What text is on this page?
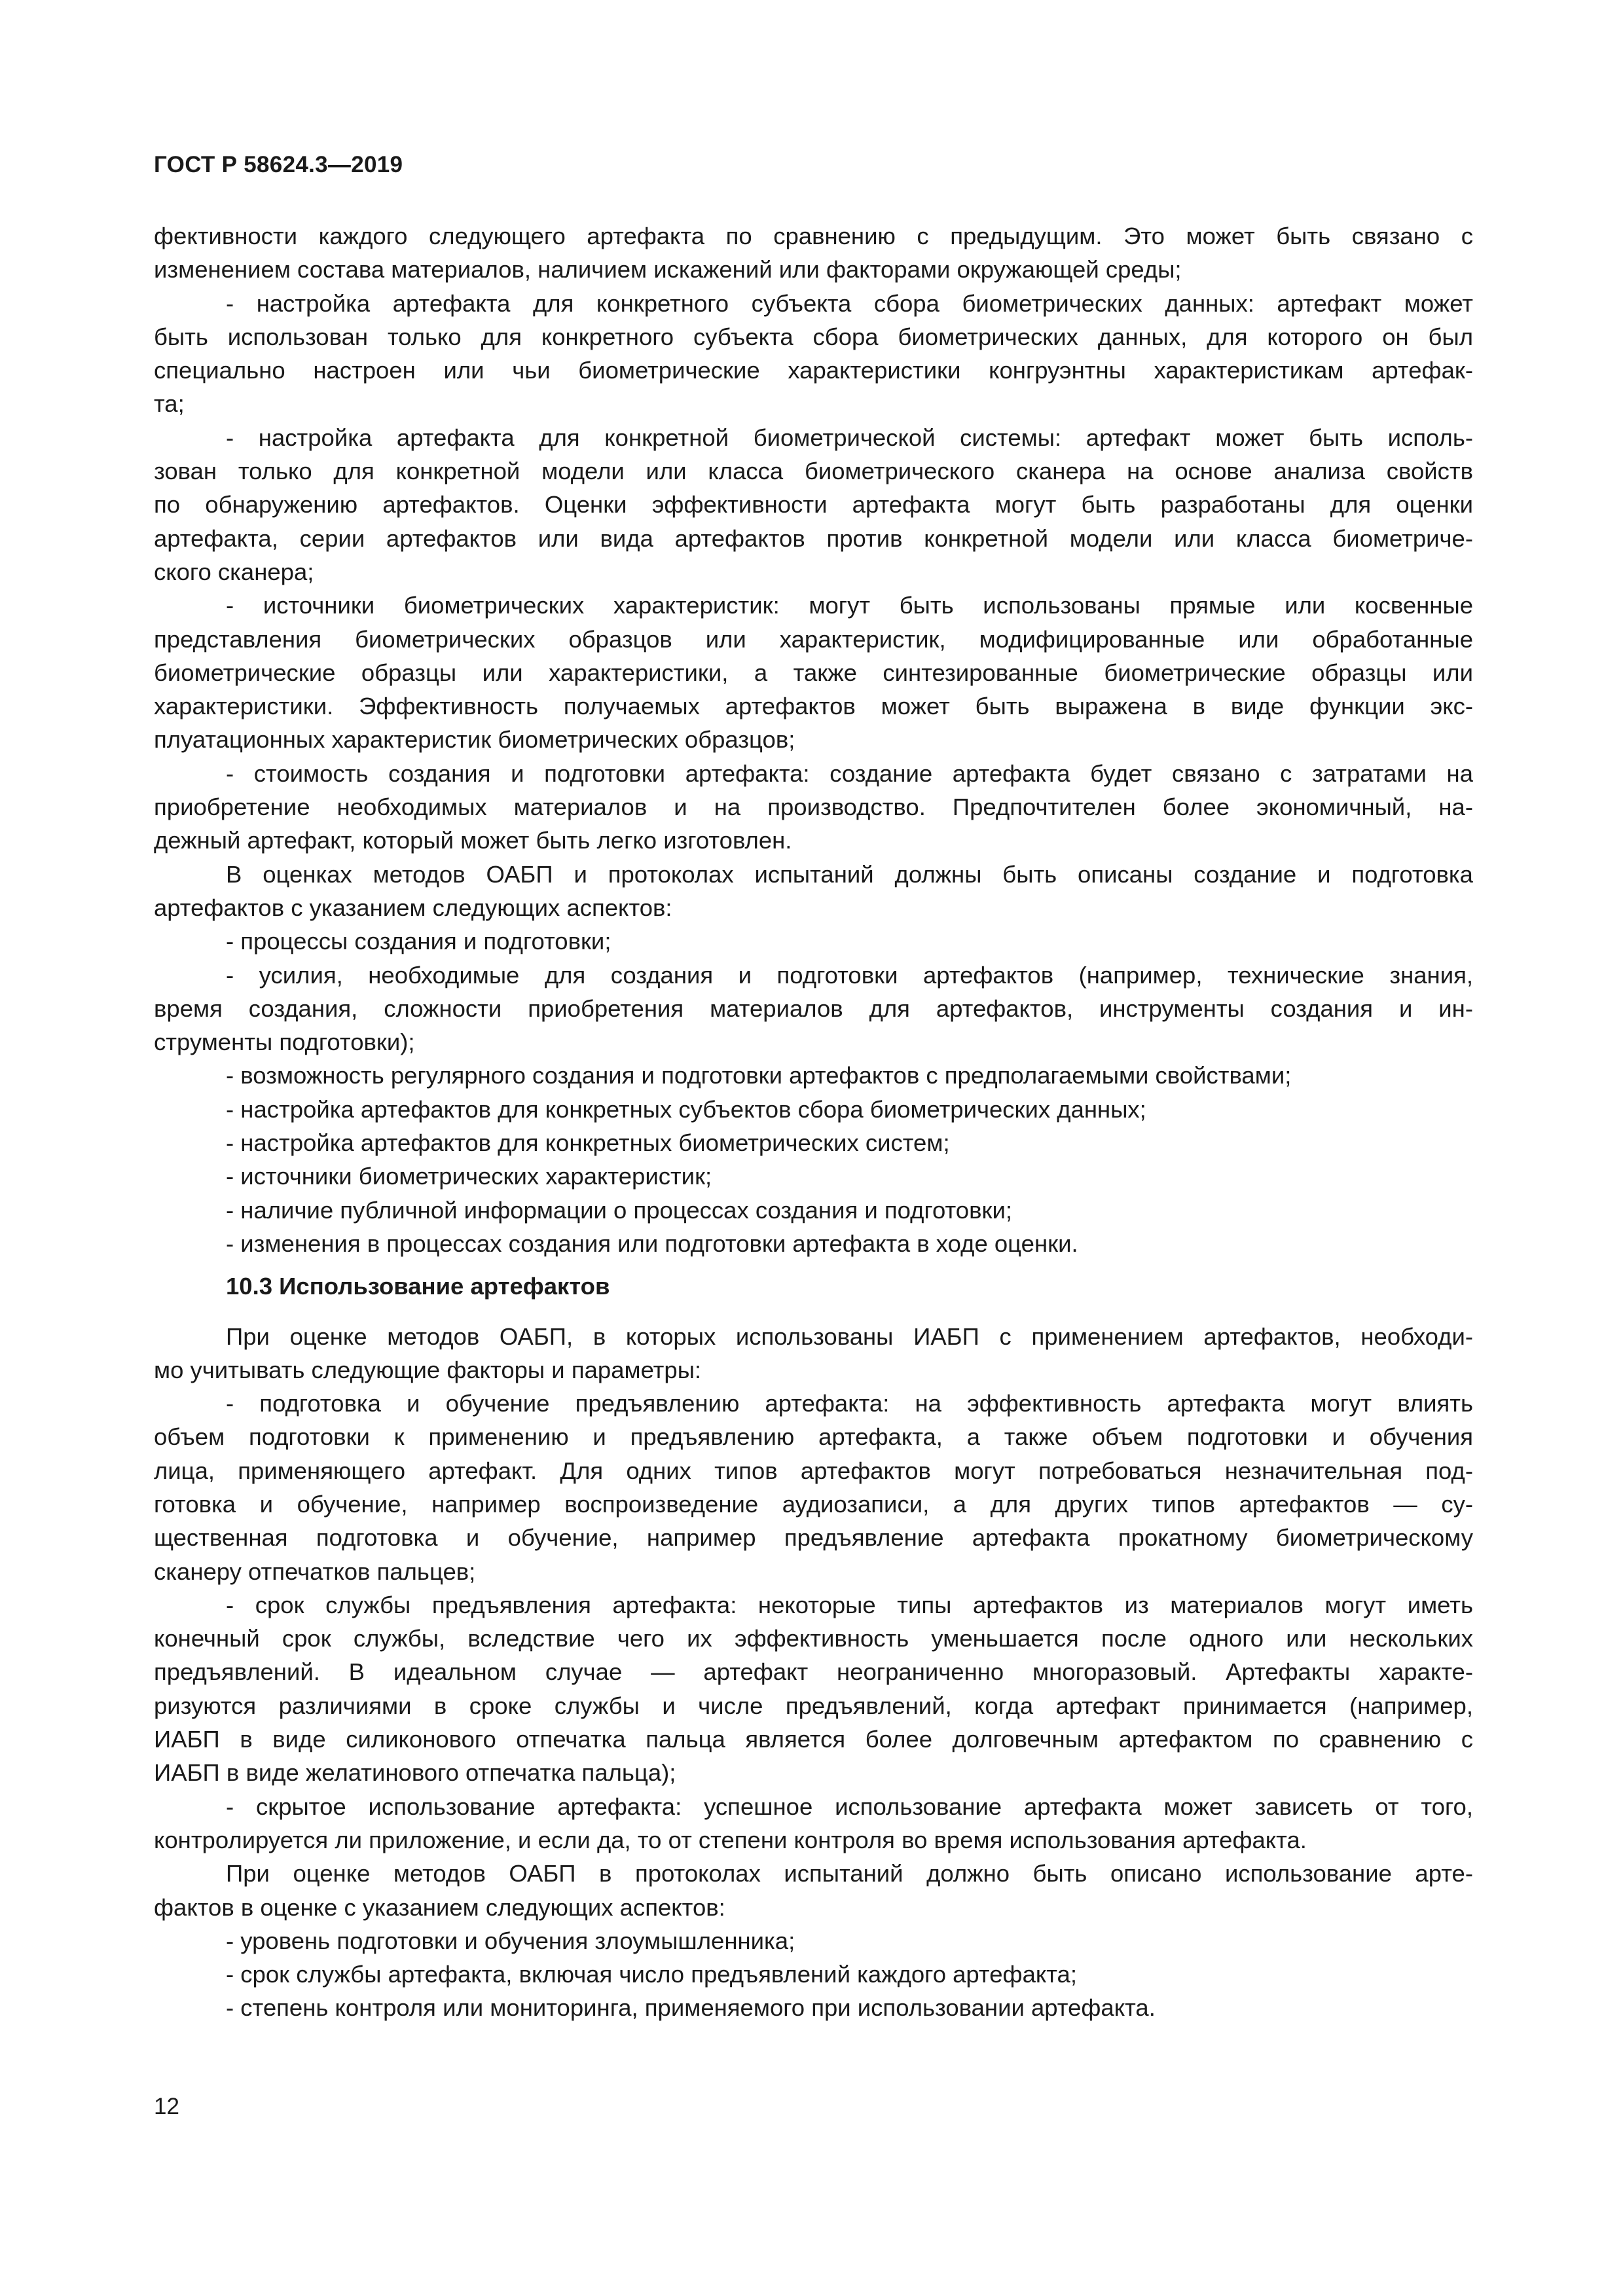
ГОСТ Р 58624.3—2019

фективности каждого следующего артефакта по сравнению с предыдущим. Это может быть связано с
изменением состава материалов, наличием искажений или факторами окружающей среды;

- настройка артефакта для конкретного субъекта сбора биометрических данных: артефакт может
быть использован только для конкретного субъекта сбора биометрических данных, для которого он был
специально настроен или чьи биометрические характеристики конгруэнтны характеристикам артефак-
та;

- настройка артефакта для конкретной биометрической системы: артефакт может быть исполь-
зован только для конкретной модели или класса биометрического сканера на основе анализа свойств
по обнаружению артефактов. Оценки эффективности артефакта могут быть разработаны для оценки
артефакта, серии артефактов или вида артефактов против конкретной модели или класса биометриче-
ского сканера;

- источники биометрических характеристик: могут быть использованы прямые или косвенные
представления биометрических образцов или характеристик, модифицированные или обработанные
биометрические образцы или характеристики, а также синтезированные биометрические образцы или
характеристики. Эффективность получаемых артефактов может быть выражена в виде функции экс-
плуатационных характеристик биометрических образцов;

- стоимость создания и подготовки артефакта: создание артефакта будет связано с затратами на
приобретение необходимых материалов и на производство. Предпочтителен более экономичный, на-
дежный артефакт, который может быть легко изготовлен.

В оценках методов ОАБП и протоколах испытаний должны быть описаны создание и подготовка
артефактов с указанием следующих аспектов:

- процессы создания и подготовки;

- усилия, необходимые для создания и подготовки артефактов (например, технические знания,
время создания, сложности приобретения материалов для артефактов, инструменты создания и ин-
струменты подготовки);

- возможность регулярного создания и подготовки артефактов с предполагаемыми свойствами;

- настройка артефактов для конкретных субъектов сбора биометрических данных;

- настройка артефактов для конкретных биометрических систем;

- источники биометрических характеристик;

- наличие публичной информации о процессах создания и подготовки;

- изменения в процессах создания или подготовки артефакта в ходе оценки.

10.3 Использование артефактов

При оценке методов ОАБП, в которых использованы ИАБП с применением артефактов, необходи-
мо учитывать следующие факторы и параметры:

- подготовка и обучение предъявлению артефакта: на эффективность артефакта могут влиять
объем подготовки к применению и предъявлению артефакта, а также объем подготовки и обучения
лица, применяющего артефакт. Для одних типов артефактов могут потребоваться незначительная под-
готовка и обучение, например воспроизведение аудиозаписи, а для других типов артефактов — су-
щественная подготовка и обучение, например предъявление артефакта прокатному биометрическому
сканеру отпечатков пальцев;

- срок службы предъявления артефакта: некоторые типы артефактов из материалов могут иметь
конечный срок службы, вследствие чего их эффективность уменьшается после одного или нескольких
предъявлений. В идеальном случае — артефакт неограниченно многоразовый. Артефакты характе-
ризуются различиями в сроке службы и числе предъявлений, когда артефакт принимается (например,
ИАБП в виде силиконового отпечатка пальца является более долговечным артефактом по сравнению с
ИАБП в виде желатинового отпечатка пальца);

- скрытое использование артефакта: успешное использование артефакта может зависеть от того,
контролируется ли приложение, и если да, то от степени контроля во время использования артефакта.

При оценке методов ОАБП в протоколах испытаний должно быть описано использование арте-
фактов в оценке с указанием следующих аспектов:

- уровень подготовки и обучения злоумышленника;

- срок службы артефакта, включая число предъявлений каждого артефакта;

- степень контроля или мониторинга, применяемого при использовании артефакта.

12
